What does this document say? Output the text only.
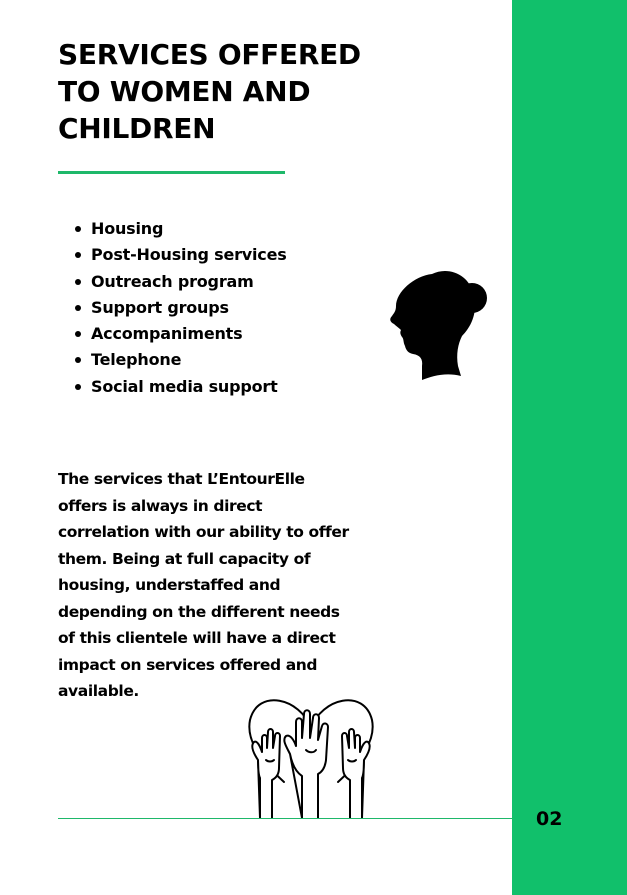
SERVICES OFFERED TO WOMEN AND CHILDREN
Housing
Post-Housing services
Outreach program
Support groups
Accompaniments
Telephone
Social media support

The services that L’EntourElle offers is always in direct correlation with our ability to offer them. Being at full capacity of housing, understaffed and depending on the different needs of this clientele will have a direct impact on services offered and available.

02
